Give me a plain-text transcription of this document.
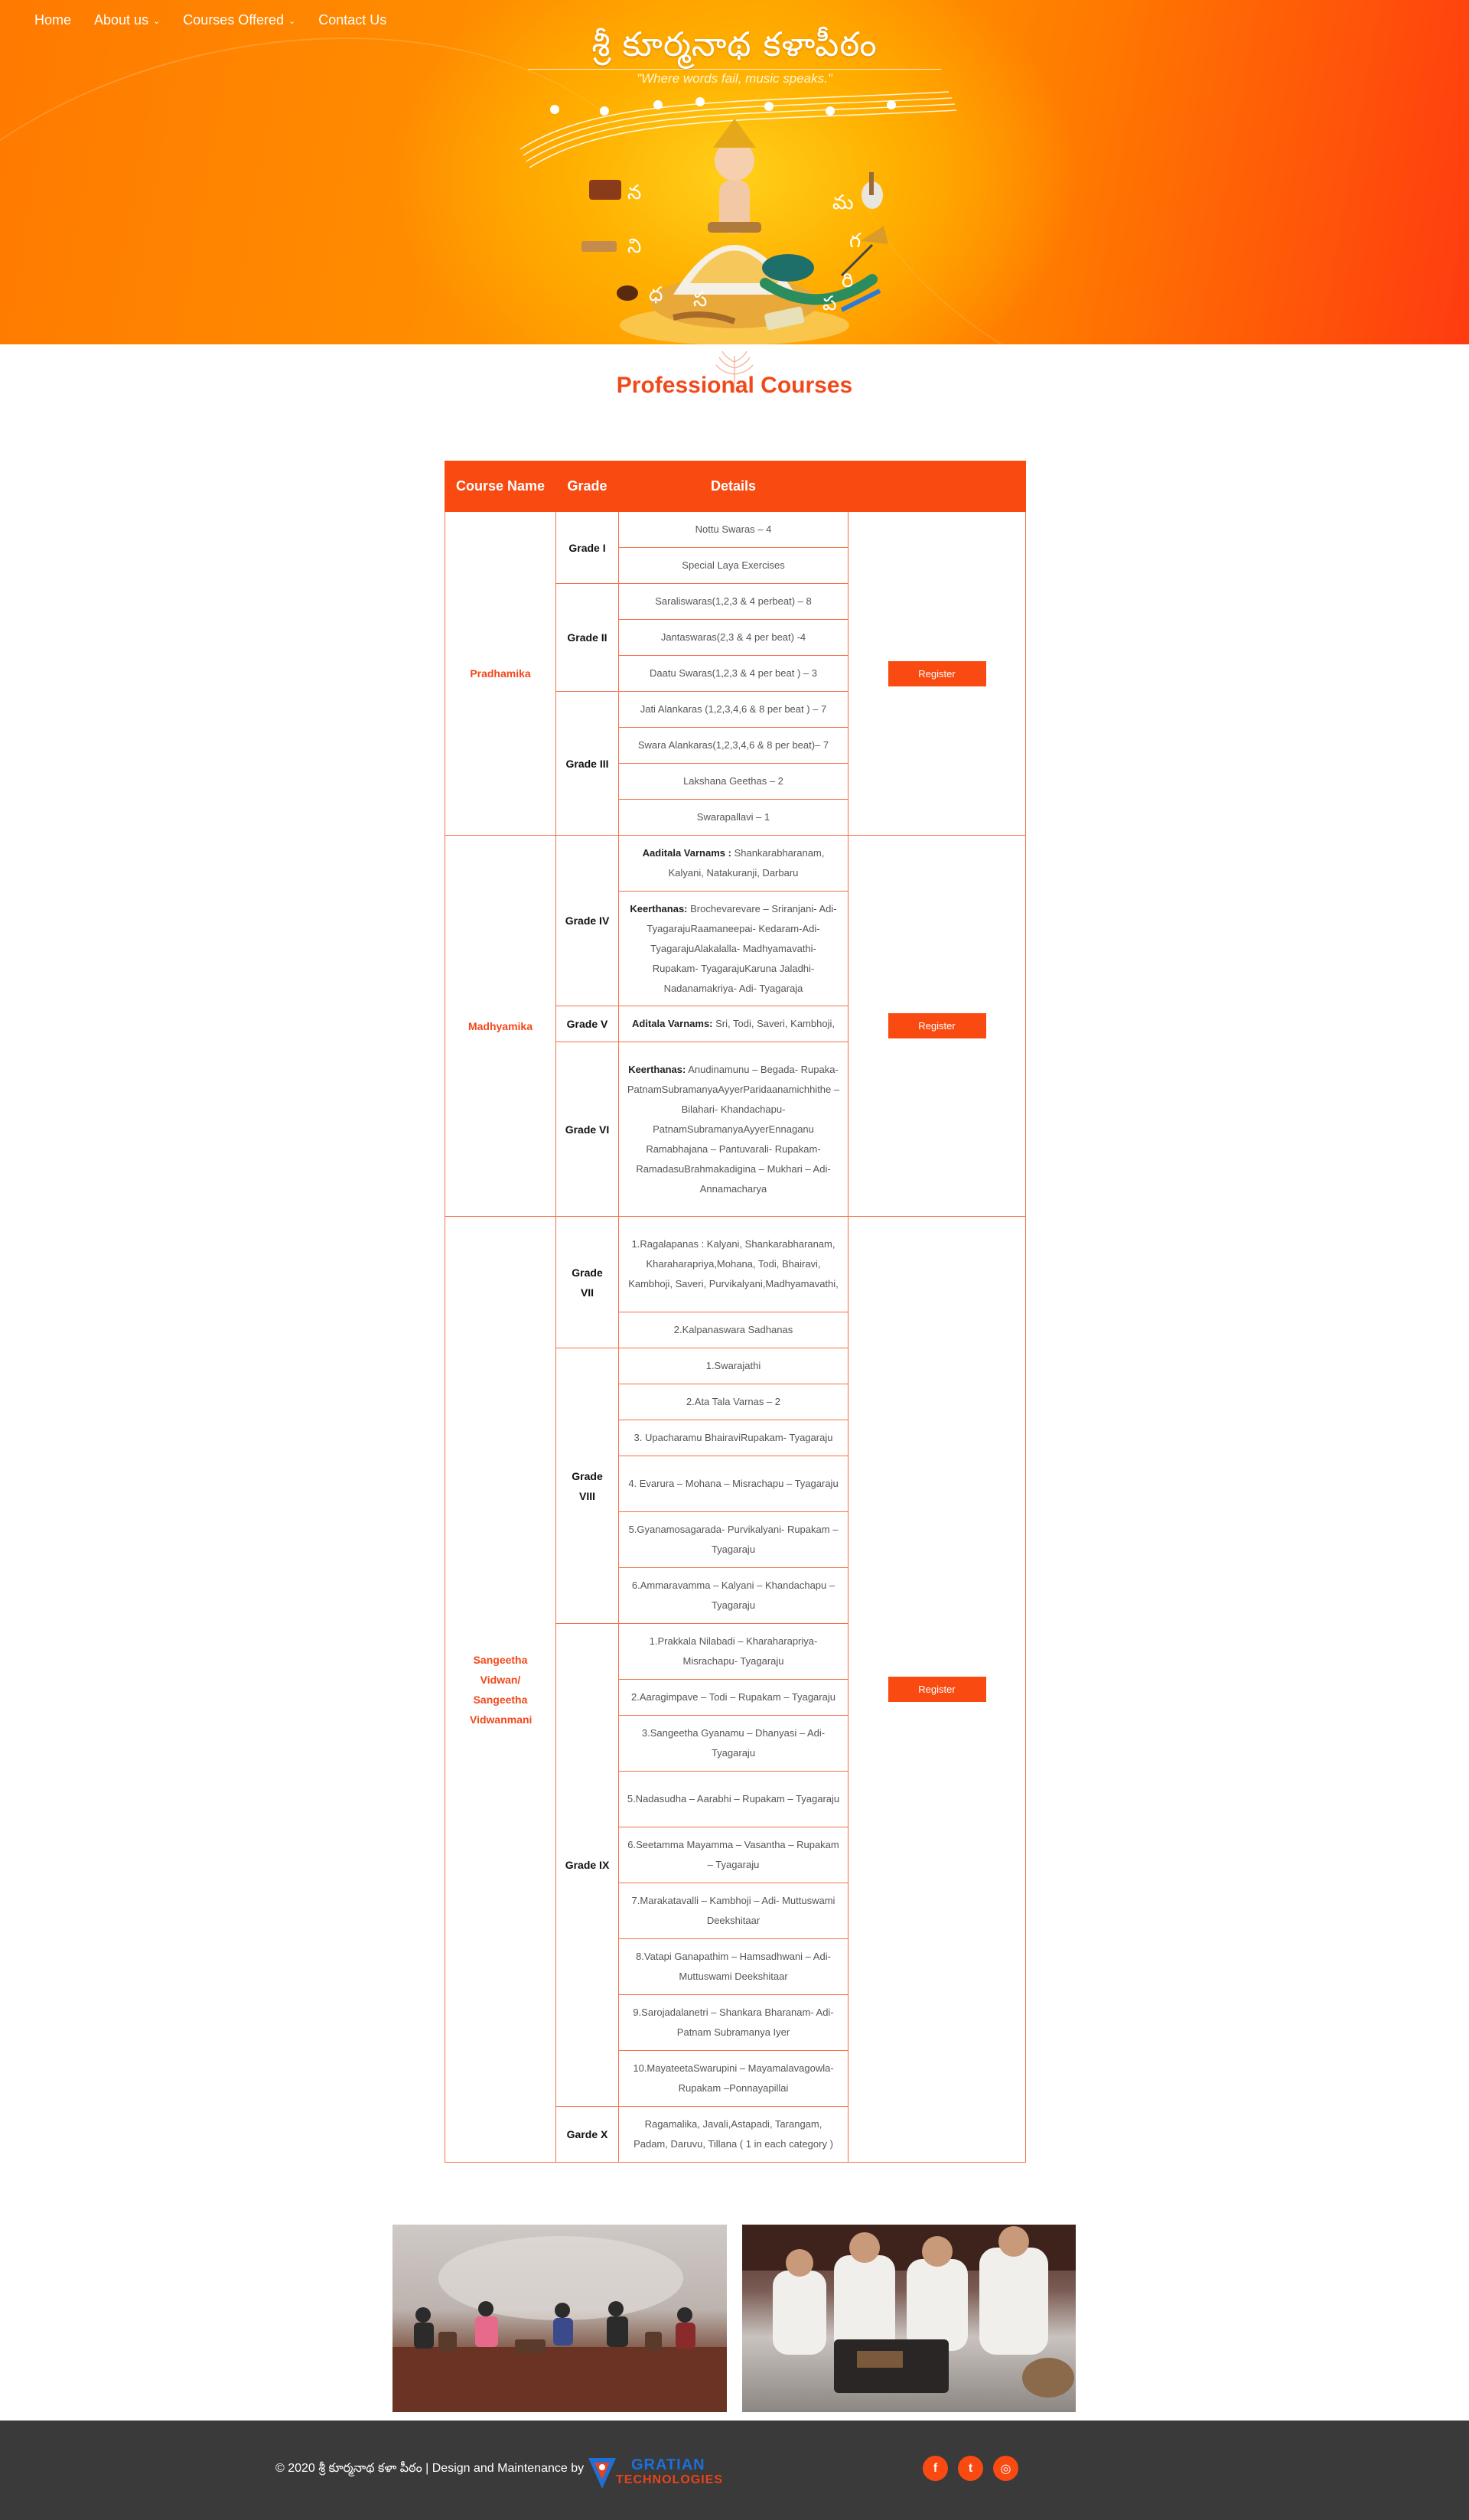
Home About us ⌄ Courses Offered ⌄ Contact Us
శ్రీ కూర్మనాథ కళాపీఠం
"Where words fail, music speaks."
న
ని
ధ స
మ
గ
ప
రి
Professional Courses
Course Name	Grade	Details	
Pradhamika	Grade I	Nottu Swaras – 4	Register
		Special Laya Exercises	
	Grade II	Saraliswaras(1,2,3 & 4 perbeat) – 8	
		Jantaswaras(2,3 & 4 per beat) -4	
		Daatu Swaras(1,2,3 & 4 per beat ) – 3	
	Grade III	Jati Alankaras (1,2,3,4,6 & 8 per beat ) – 7	
		Swara Alankaras(1,2,3,4,6 & 8 per beat)– 7	
		Lakshana Geethas – 2	
		Swarapallavi – 1	
Madhyamika	Grade IV	Aaditala Varnams : Shankarabharanam, Kalyani, Natakuranji, Darbaru	Register
		Keerthanas: Brochevarevare – Sriranjani- Adi- TyagarajuRaamaneepai- Kedaram-Adi- TyagarajuAlakalalla- Madhyamavathi- Rupakam- TyagarajuKaruna Jaladhi- Nadanamakriya- Adi- Tyagaraja	
	Grade V	Aditala Varnams: Sri, Todi, Saveri, Kambhoji,	
	Grade VI	Keerthanas: Anudinamunu – Begada- Rupaka- PatnamSubramanyaAyyerParidaanamichhithe – Bilahari- Khandachapu- PatnamSubramanyaAyyerEnnaganu Ramabhajana – Pantuvarali- Rupakam- RamadasuBrahmakadigina – Mukhari – Adi- Annamacharya	

Sangeetha Vidwan/ Sangeetha Vidwanmani	Grade VII	1.Ragalapanas : Kalyani, Shankarabharanam, Kharaharapriya,Mohana, Todi, Bhairavi, Kambhoji, Saveri, Purvikalyani,Madhyamavathi,	Register
		2.Kalpanaswara Sadhanas	

	Grade VIII	1.Swarajathi	
		2.Ata Tala Varnas – 2	
		3. Upacharamu BhairaviRupakam- Tyagaraju	
		4. Evarura – Mohana – Misrachapu – Tyagaraju	
		5.Gyanamosagarada- Purvikalyani- Rupakam – Tyagaraju	
		6.Ammaravamma – Kalyani – Khandachapu – Tyagaraju	
	Grade IX	1.Prakkala Nilabadi – Kharaharapriya- Misrachapu- Tyagaraju	
		2.Aaragimpave – Todi – Rupakam – Tyagaraju	
		3.Sangeetha Gyanamu – Dhanyasi – Adi- Tyagaraju	
		5.Nadasudha – Aarabhi – Rupakam – Tyagaraju	
		6.Seetamma Mayamma – Vasantha – Rupakam – Tyagaraju	
		7.Marakatavalli – Kambhoji – Adi- Muttuswami Deekshitaar	
		8.Vatapi Ganapathim – Hamsadhwani – Adi- Muttuswami Deekshitaar	
		9.Sarojadalanetri – Shankara Bharanam- Adi- Patnam Subramanya Iyer	
		10.MayateetaSwarupini – Mayamalavagowla- Rupakam –Ponnayapillai	
	Garde X	Ragamalika, Javali,Astapadi, Tarangam, Padam, Daruvu, Tillana ( 1 in each category )	
© 2020 శ్రీ కూర్మనాథ కళా పీఠం | Design and Maintenance by	GRATIAN
TECHNOLOGIES
f	t	◎
